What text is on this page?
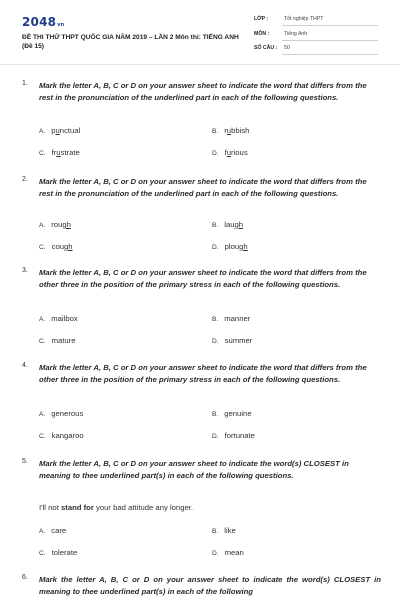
2048vn
ĐỀ THI THỬ THPT QUỐC GIA NĂM 2019 – LẦN 2 Môn thi: TIẾNG ANH (Đề 15)
LỚP :	Tốt nghiệp THPT
MÔN :	Tiếng Anh
SỐ CÂU : 50
1. Mark the letter A, B, C or D on your answer sheet to indicate the word that differs from the rest in the pronunciation of the underlined part in each of the following questions.
A. punctual	B. rubbish
C. frustrate	D. furious
2. Mark the letter A, B, C or D on your answer sheet to indicate the word that differs from the rest in the pronunciation of the underlined part in each of the following questions.
A. rough	B. laugh
C. cough	D. plough
3. Mark the letter A, B, C or D on your answer sheet to indicate the word that differs from the other three in the position of the primary stress in each of the following questions.
A. mailbox	B. manner
C. mature	D. summer
4. Mark the letter A, B, C or D on your answer sheet to indicate the word that differs from the other three in the position of the primary stress in each of the following questions.
A. generous	B. genuine
C. kangaroo	D. fortunate
5. Mark the letter A, B, C or D on your answer sheet to indicate the word(s) CLOSEST in meaning to thee underlined part(s) in each of the following questions.
I'll not stand for your bad attitude any longer.
A. care	B. like
C. tolerate	D. mean
6. Mark the letter A, B, C or D on your answer sheet to indicate the word(s) CLOSEST in meaning to thee underlined part(s) in each of the following
